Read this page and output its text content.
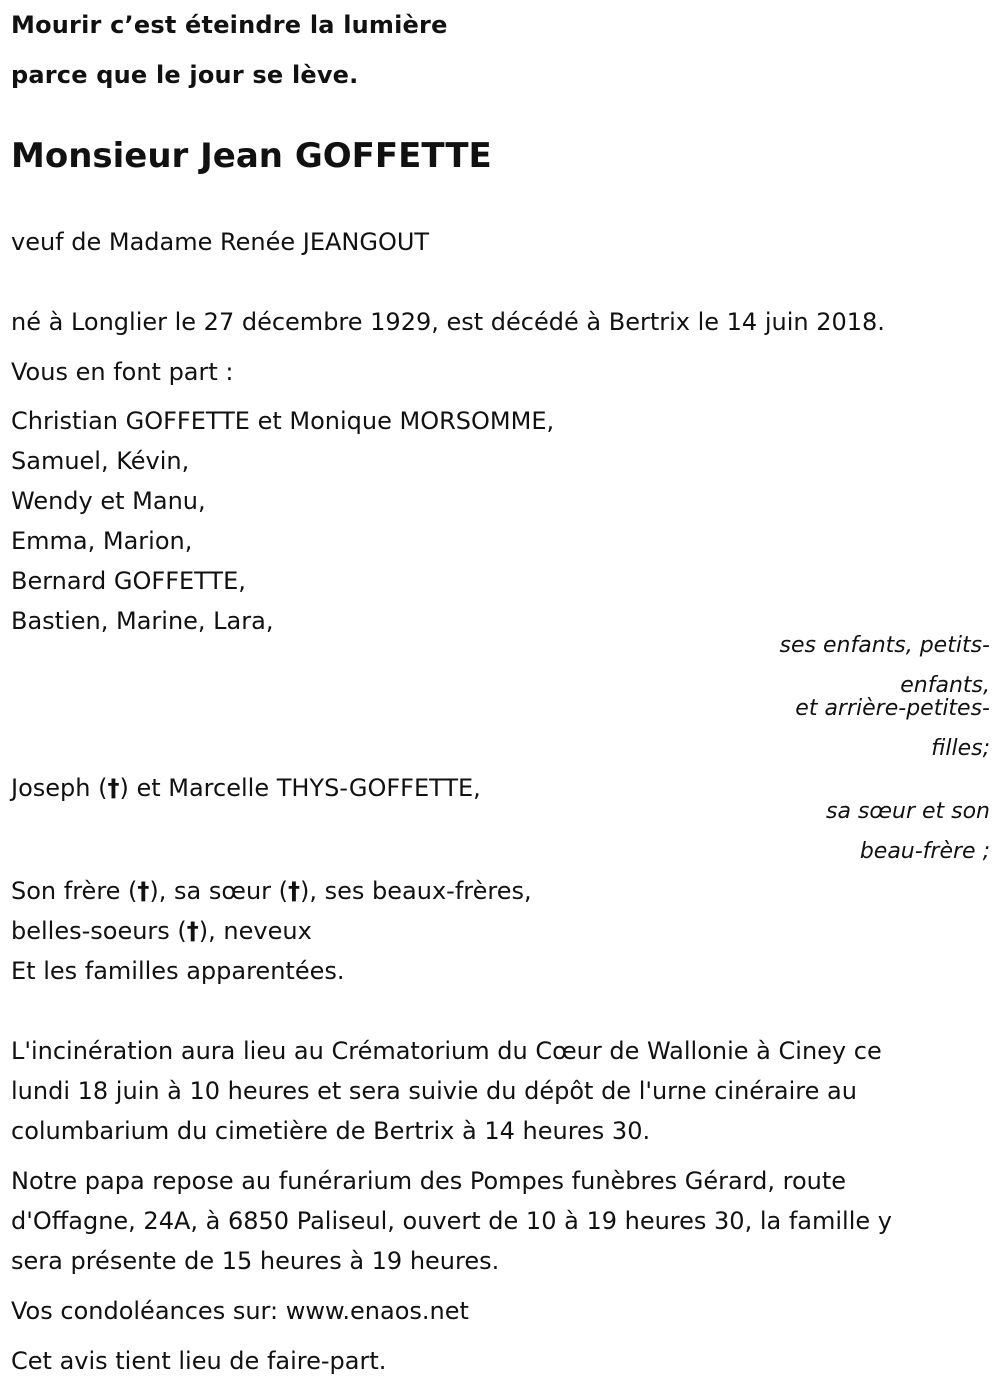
Mourir c’est éteindre la lumière
parce que le jour se lève.
Monsieur Jean GOFFETTE
veuf de Madame Renée JEANGOUT
né à Longlier le 27 décembre 1929, est décédé à Bertrix le 14 juin 2018.
Vous en font part :
Christian GOFFETTE et Monique MORSOMME,
Samuel, Kévin,
Wendy et Manu,
Emma, Marion,
Bernard GOFFETTE,
Bastien, Marine, Lara,
ses enfants, petits-
enfants,
et arrière-petites-
filles;
Joseph (†) et Marcelle THYS-GOFFETTE,
sa sœur et son
beau-frère ;
Son frère (†), sa sœur (†), ses beaux-frères,
belles-soeurs (†), neveux
Et les familles apparentées.
L'incinération aura lieu au Crématorium du Cœur de Wallonie à Ciney ce
lundi 18 juin à 10 heures et sera suivie du dépôt de l'urne cinéraire au
columbarium du cimetière de Bertrix à 14 heures 30.
Notre papa repose au funérarium des Pompes funèbres Gérard, route
d'Offagne, 24A, à 6850 Paliseul, ouvert de 10 à 19 heures 30, la famille y
sera présente de 15 heures à 19 heures.
Vos condoléances sur: www.enaos.net
Cet avis tient lieu de faire-part.
